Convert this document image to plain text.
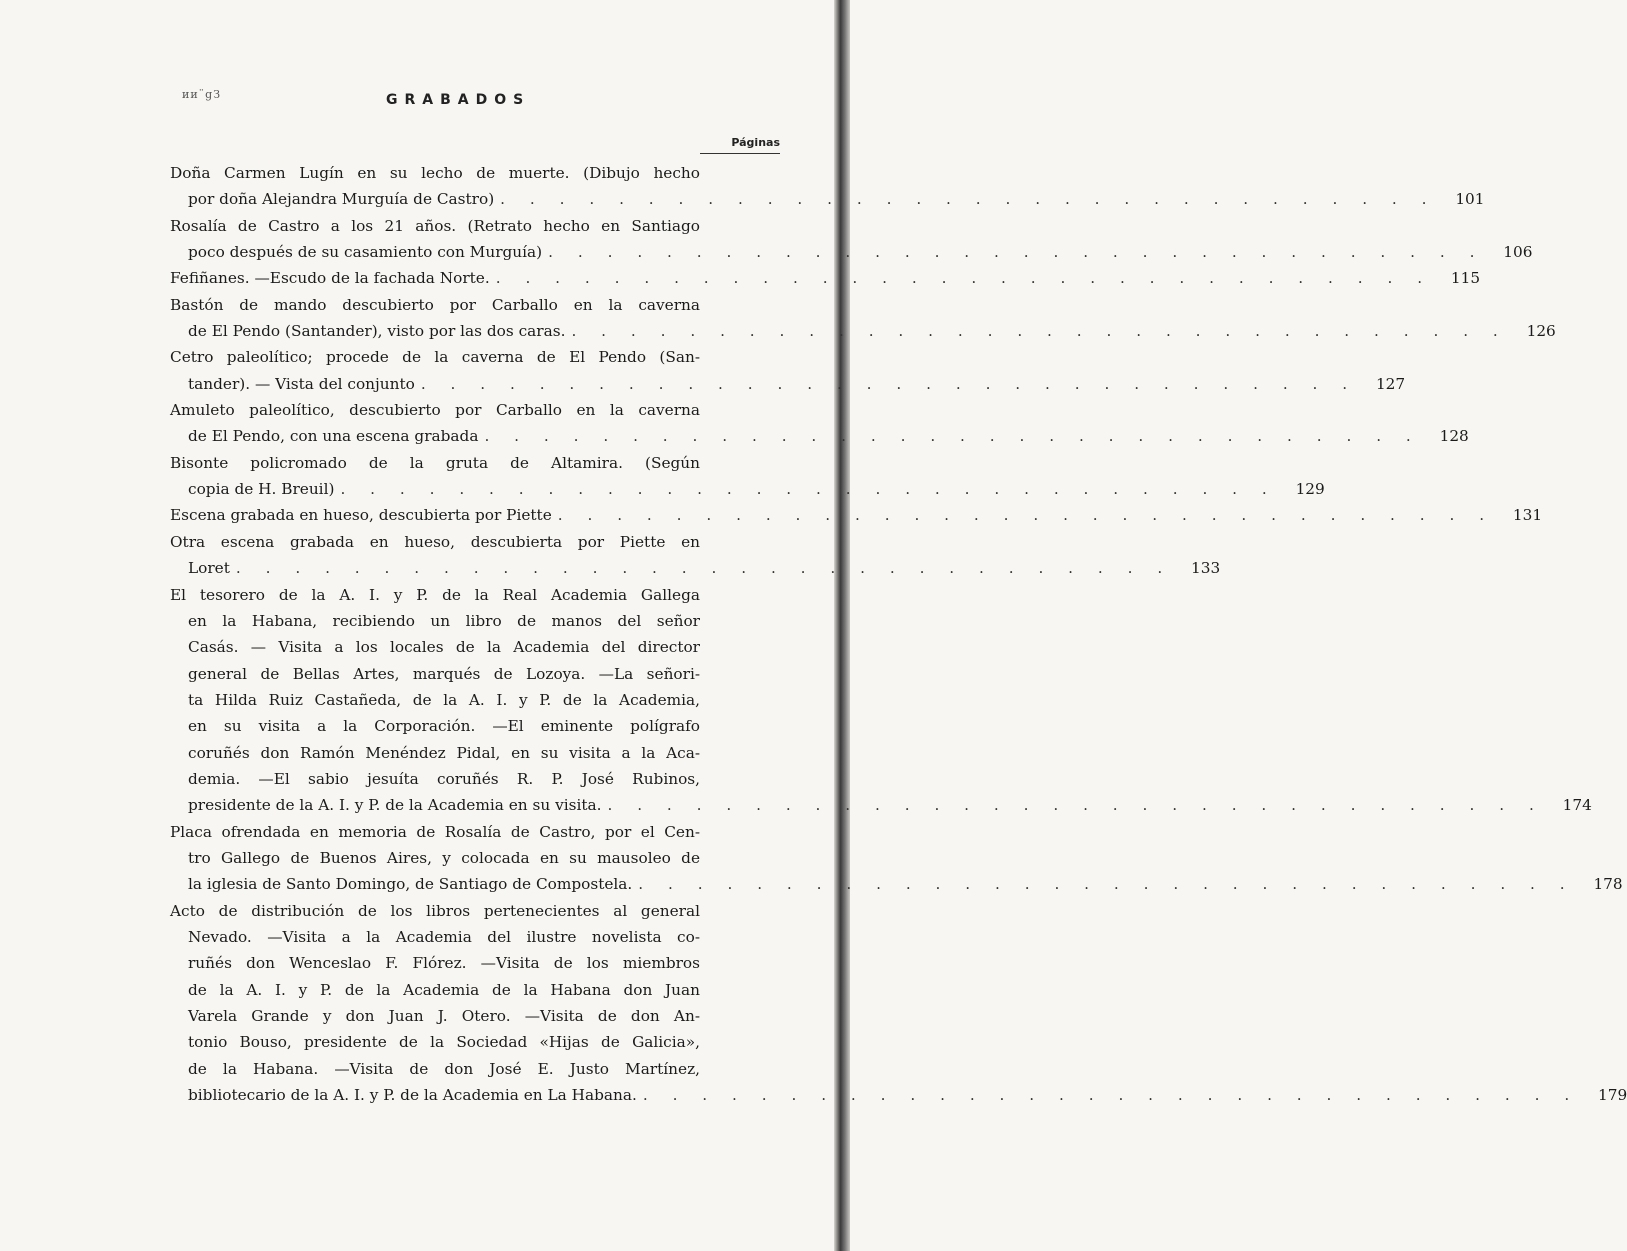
ии¨gЗ	GRABADOS
Páginas
Doña Carmen Lugín en su lecho de muerte. (Dibujo hecho
por doña Alejandra Murguía de Castro) . . . . . . . . . . . . . . . . . . . . . . . . . . . . . . . .	101
Rosalía de Castro a los 21 años. (Retrato hecho en Santiago
poco después de su casamiento con Murguía) . . . . . . . . . . . . . . . . . . . . . . . . . . . . . . . .	106
Fefiñanes. —Escudo de la fachada Norte. . . . . . . . . . . . . . . . . . . . . . . . . . . . . . . . .	115
Bastón de mando descubierto por Carballo en la caverna
de El Pendo (Santander), visto por las dos caras. . . . . . . . . . . . . . . . . . . . . . . . . . . . . . . . .	126
Cetro paleolítico; procede de la caverna de El Pendo (San-
tander). — Vista del conjunto . . . . . . . . . . . . . . . . . . . . . . . . . . . . . . . .	127
Amuleto paleolítico, descubierto por Carballo en la caverna
de El Pendo, con una escena grabada . . . . . . . . . . . . . . . . . . . . . . . . . . . . . . . .	128
Bisonte policromado de la gruta de Altamira. (Según
copia de H. Breuil) . . . . . . . . . . . . . . . . . . . . . . . . . . . . . . . .	129
Escena grabada en hueso, descubierta por Piette . . . . . . . . . . . . . . . . . . . . . . . . . . . . . . . .	131
Otra escena grabada en hueso, descubierta por Piette en
Loret . . . . . . . . . . . . . . . . . . . . . . . . . . . . . . . .	133
El tesorero de la A. I. y P. de la Real Academia Gallega
en la Habana, recibiendo un libro de manos del señor
Casás. — Visita a los locales de la Academia del director
general de Bellas Artes, marqués de Lozoya. —La señori-
ta Hilda Ruiz Castañeda, de la A. I. y P. de la Academia,
en su visita a la Corporación. —El eminente polígrafo
coruñés don Ramón Menéndez Pidal, en su visita a la Aca-
demia. —El sabio jesuíta coruñés R. P. José Rubinos,
presidente de la A. I. y P. de la Academia en su visita. . . . . . . . . . . . . . . . . . . . . . . . . . . . . . . . .	174
Placa ofrendada en memoria de Rosalía de Castro, por el Cen-
tro Gallego de Buenos Aires, y colocada en su mausoleo de
la iglesia de Santo Domingo, de Santiago de Compostela. . . . . . . . . . . . . . . . . . . . . . . . . . . . . . . . .	178
Acto de distribución de los libros pertenecientes al general
Nevado. —Visita a la Academia del ilustre novelista co-
ruñés don Wenceslao F. Flórez. —Visita de los miembros
de la A. I. y P. de la Academia de la Habana don Juan
Varela Grande y don Juan J. Otero. —Visita de don An-
tonio Bouso, presidente de la Sociedad «Hijas de Galicia»,
de la Habana. —Visita de don José E. Justo Martínez,
bibliotecario de la A. I. y P. de la Academia en La Habana. . . . . . . . . . . . . . . . . . . . . . . . . . . . . . . . .	179
